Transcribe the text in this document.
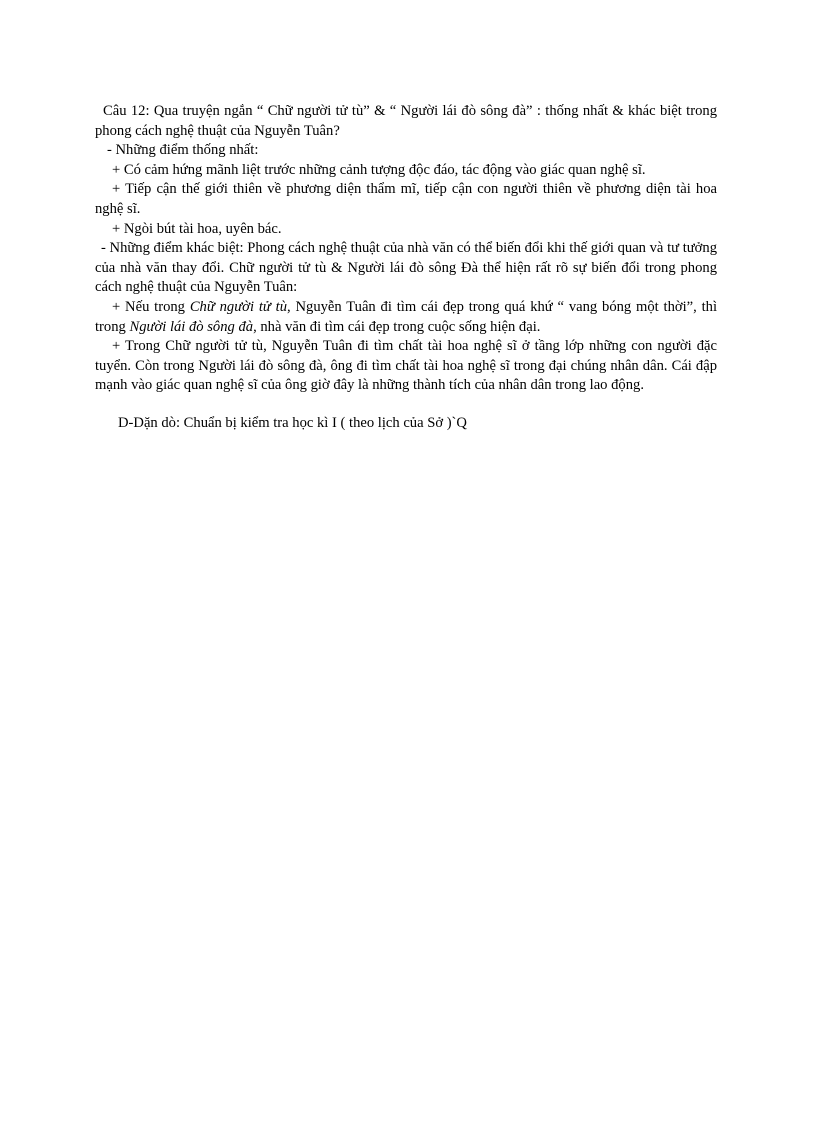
Câu 12: Qua truyện ngắn “ Chữ người tử tù” & “ Người lái đò sông đà” : thống nhất & khác biệt trong phong cách nghệ thuật của Nguyễn Tuân?

- Những điểm thống nhất:

+ Có cảm hứng mãnh liệt trước những cảnh tượng độc đáo, tác động vào giác quan nghệ sĩ.

+ Tiếp cận thế giới thiên về phương diện thẩm mĩ, tiếp cận con người thiên về phương diện tài hoa nghệ sĩ.

+ Ngòi bút tài hoa, uyên bác.

- Những điểm khác biệt: Phong cách nghệ thuật của nhà văn có thể biến đổi khi thế giới quan và tư tưởng của nhà văn thay đổi. Chữ người tử tù & Người lái đò sông Đà thể hiện rất rõ sự biến đổi trong phong cách nghệ thuật của Nguyễn Tuân:

+ Nếu trong Chữ người tử tù, Nguyễn Tuân đi tìm cái đẹp trong quá khứ “ vang bóng một thời”, thì trong Người lái đò sông đà, nhà văn đi tìm cái đẹp trong cuộc sống hiện đại.

+ Trong Chữ người tử tù, Nguyễn Tuân đi tìm chất tài hoa nghệ sĩ ở tầng lớp những con người đặc tuyển. Còn trong Người lái đò sông đà, ông đi tìm chất tài hoa nghệ sĩ trong đại chúng nhân dân. Cái đập mạnh vào giác quan nghệ sĩ của ông giờ đây là những thành tích của nhân dân trong lao động.

D-Dặn dò: Chuẩn bị kiểm tra học kì I ( theo lịch của Sở )`Q
